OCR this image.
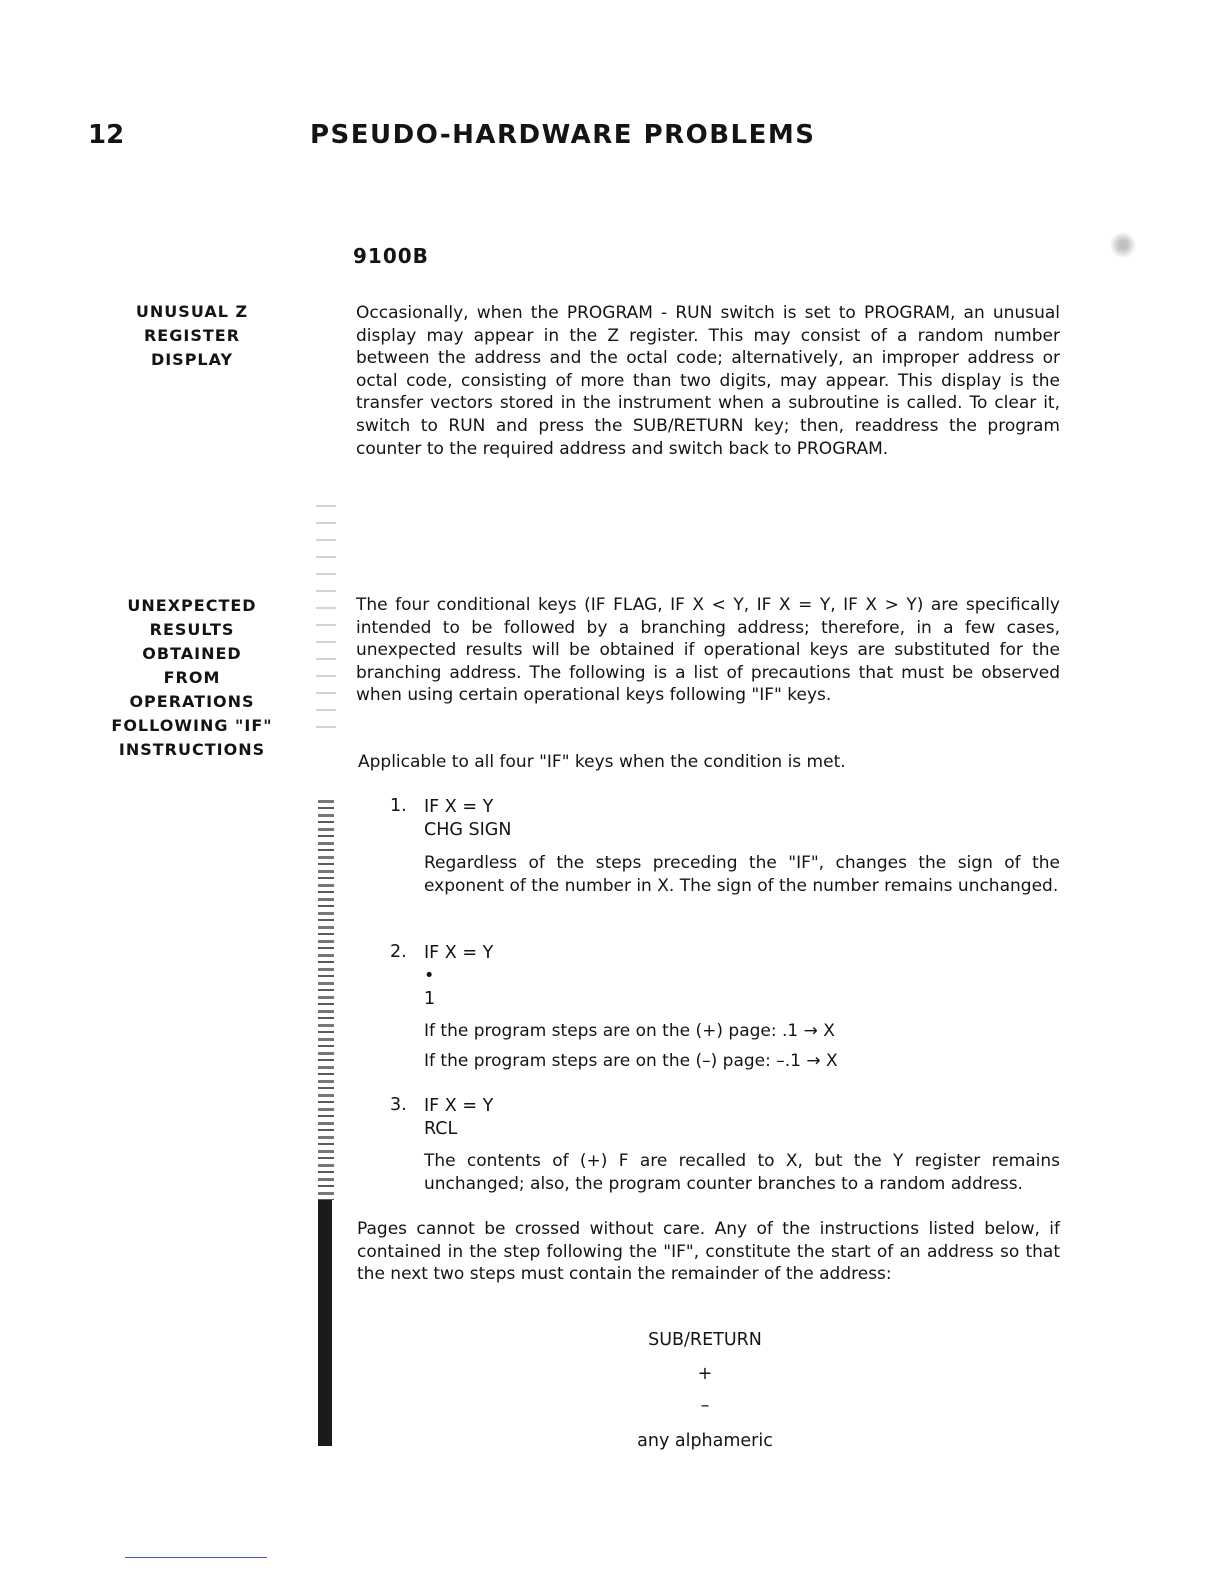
12	PSEUDO-HARDWARE PROBLEMS
9100B
UNUSUAL Z
REGISTER
DISPLAY
Occasionally, when the PROGRAM - RUN switch is set to PROGRAM, an unusual display may appear in the Z register. This may consist of a random number between the address and the octal code; alternatively, an improper address or octal code, consisting of more than two digits, may appear. This display is the transfer vectors stored in the instrument when a subroutine is called. To clear it, switch to RUN and press the SUB/RETURN key; then, readdress the program counter to the required address and switch back to PROGRAM.
UNEXPECTED
RESULTS
OBTAINED
FROM
OPERATIONS
FOLLOWING "IF"
INSTRUCTIONS
The four conditional keys (IF FLAG, IF X < Y, IF X = Y, IF X > Y) are specifically intended to be followed by a branching address; therefore, in a few cases, unexpected results will be obtained if operational keys are substituted for the branching address. The following is a list of precautions that must be observed when using certain operational keys following "IF" keys.
Applicable to all four "IF" keys when the condition is met.
1. IF X = Y
CHG SIGN
Regardless of the steps preceding the "IF", changes the sign of the exponent of the number in X. The sign of the number remains unchanged.
2. IF X = Y
•
1
If the program steps are on the (+) page: .1 → X
If the program steps are on the (–) page: –.1 → X
3. IF X = Y
RCL
The contents of (+) F are recalled to X, but the Y register remains unchanged; also, the program counter branches to a random address.
Pages cannot be crossed without care. Any of the instructions listed below, if contained in the step following the "IF", constitute the start of an address so that the next two steps must contain the remainder of the address:
SUB/RETURN
+
–
any alphameric
